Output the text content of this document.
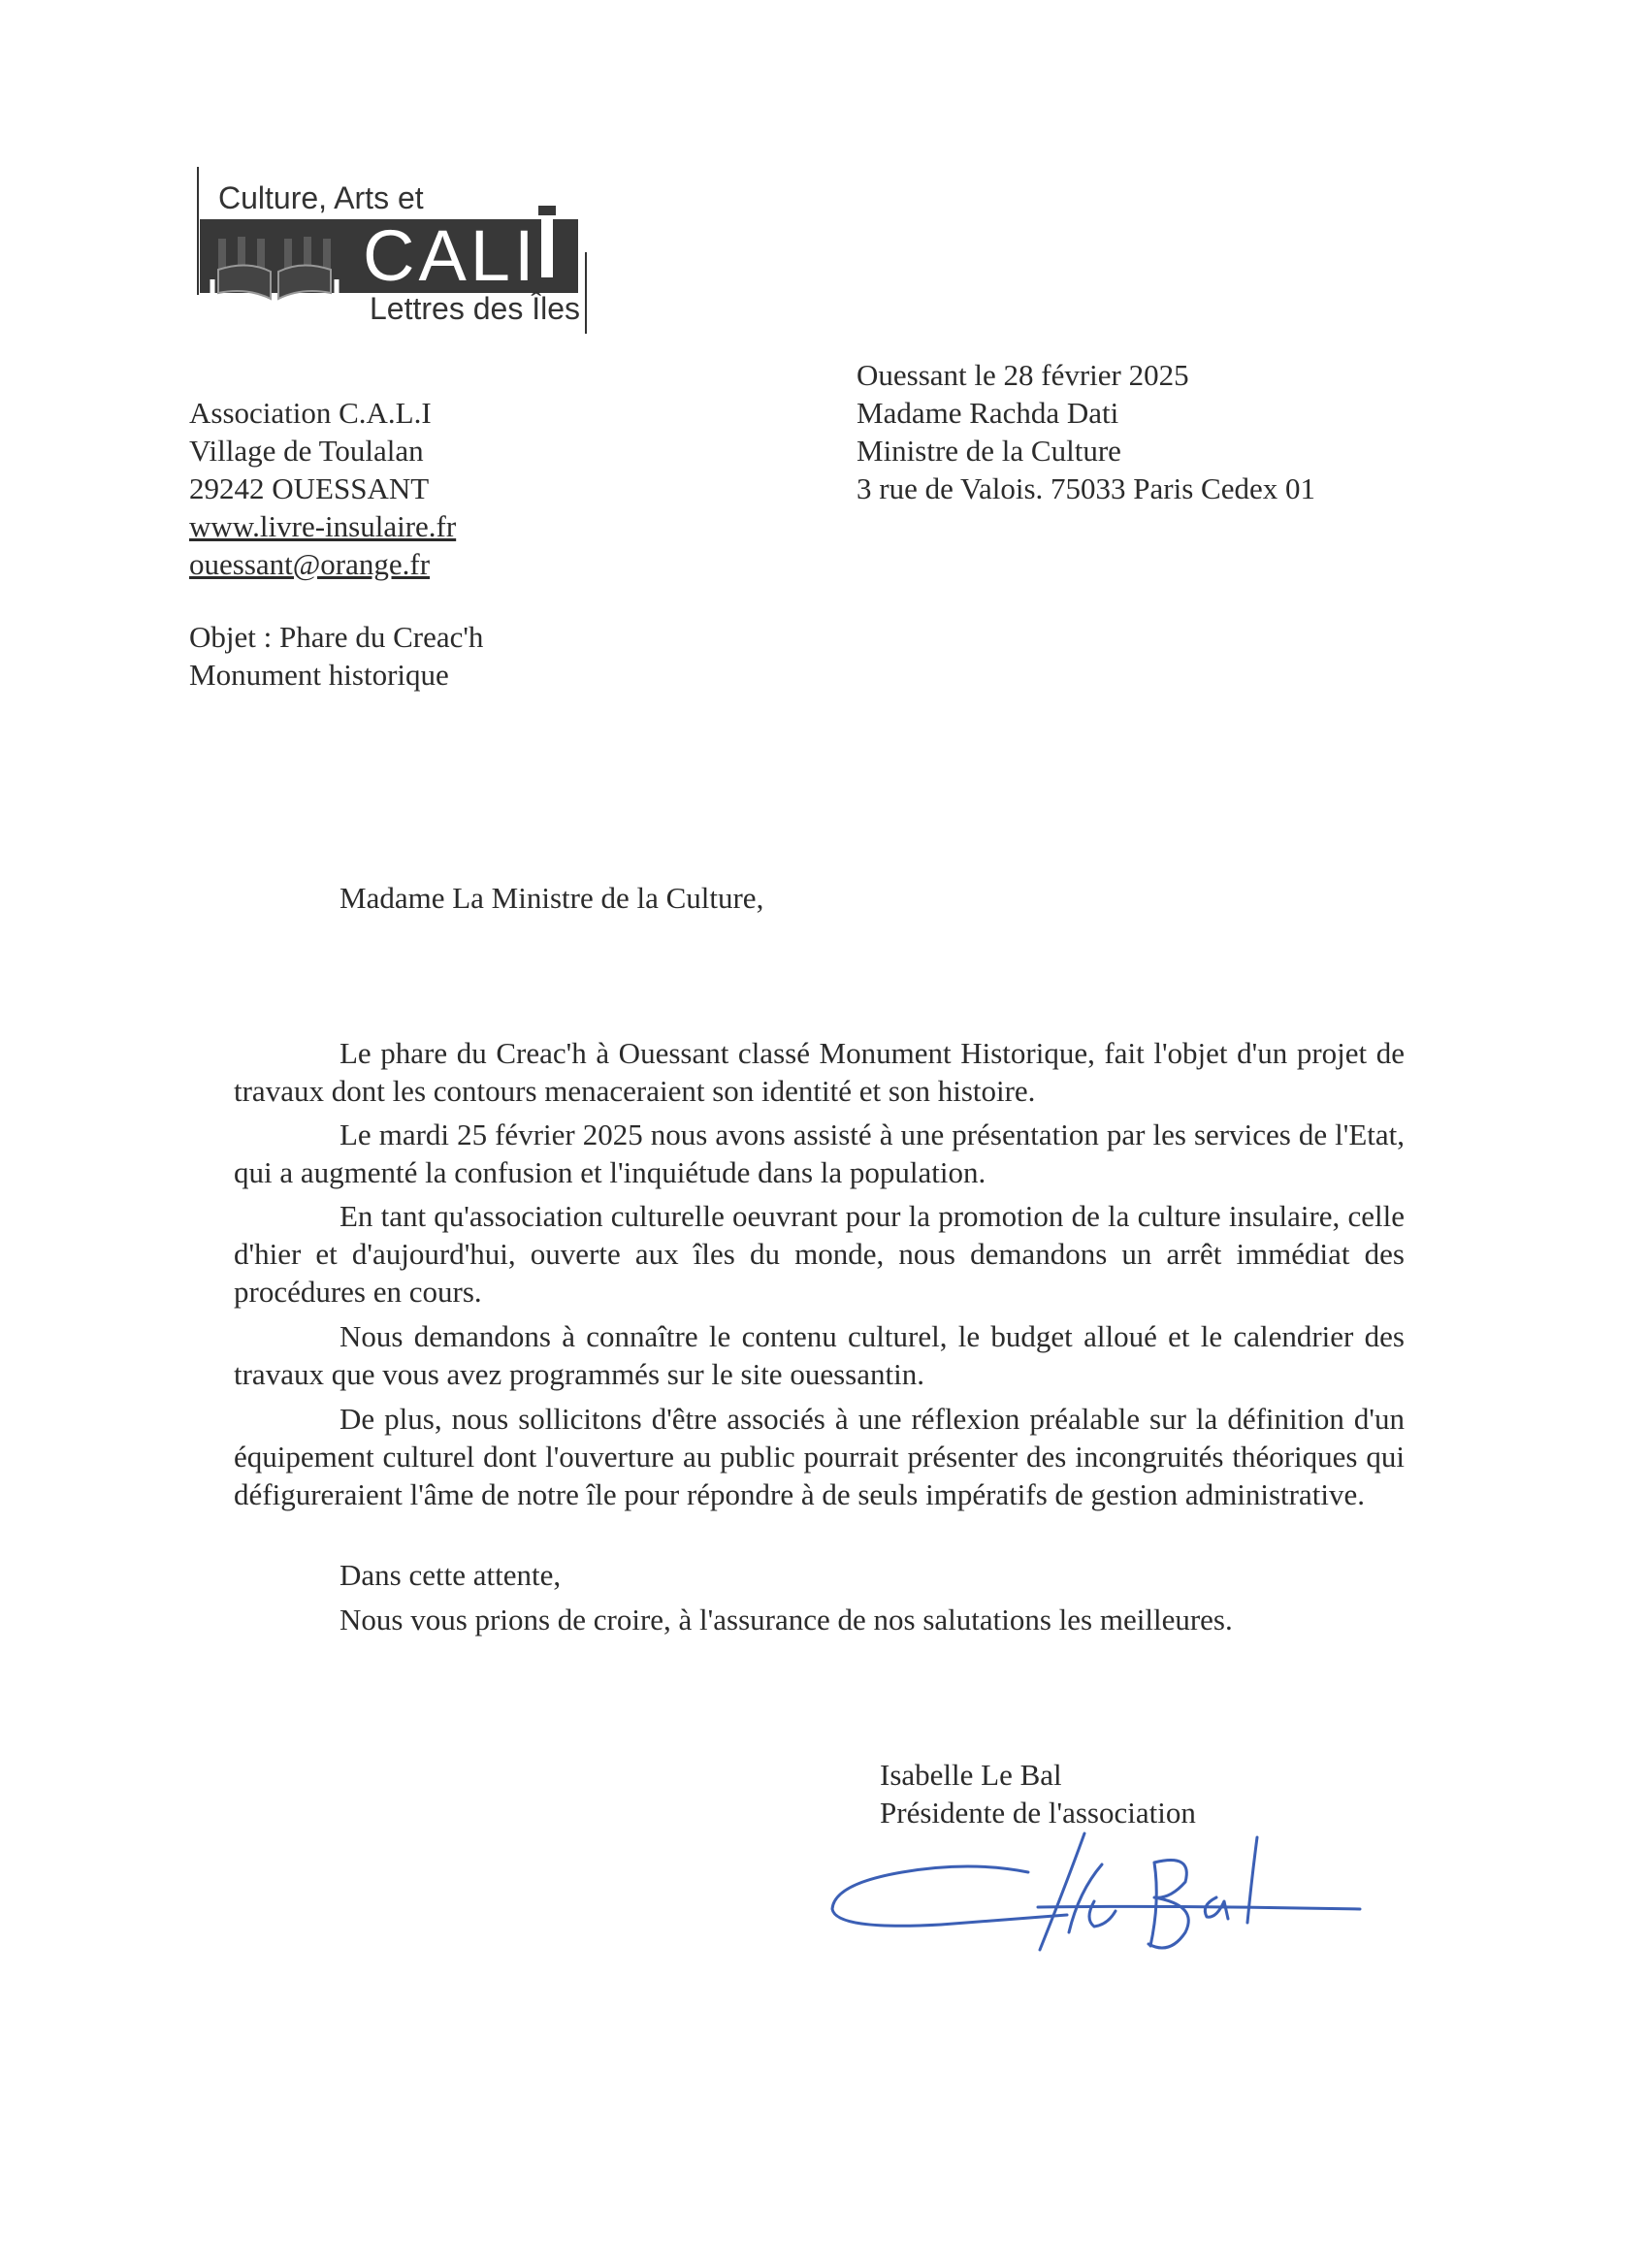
Culture, Arts et
CALI
Lettres des Îles
Association C.A.L.I
Village de Toulalan
29242 OUESSANT
www.livre-insulaire.fr
ouessant@orange.fr
Ouessant le 28 février 2025
Madame Rachda Dati
Ministre de la Culture
3 rue de Valois. 75033 Paris Cedex 01
Objet : Phare du Creac'h
Monument historique
Madame La Ministre de la Culture,
Le phare du Creac'h à Ouessant classé Monument Historique, fait l'objet d'un projet de travaux dont les contours menaceraient son identité et son histoire.
Le mardi 25 février 2025 nous avons assisté à une présentation par les services de l'Etat, qui a augmenté la confusion et l'inquiétude dans la population.
En tant qu'association culturelle oeuvrant pour la promotion de la culture insulaire, celle d'hier et d'aujourd'hui, ouverte aux îles du monde, nous demandons un arrêt immédiat des procédures en cours.
Nous demandons à connaître le contenu culturel, le budget alloué et le calendrier des travaux que vous avez programmés sur le site ouessantin.
De plus, nous sollicitons d'être associés à une réflexion préalable sur la définition d'un équipement culturel dont l'ouverture au public pourrait présenter des incongruités théoriques qui défigureraient l'âme de notre île pour répondre à de seuls impératifs de gestion administrative.
Dans cette attente,
Nous vous prions de croire, à l'assurance de nos salutations les meilleures.
Isabelle Le Bal
Présidente de l'association
